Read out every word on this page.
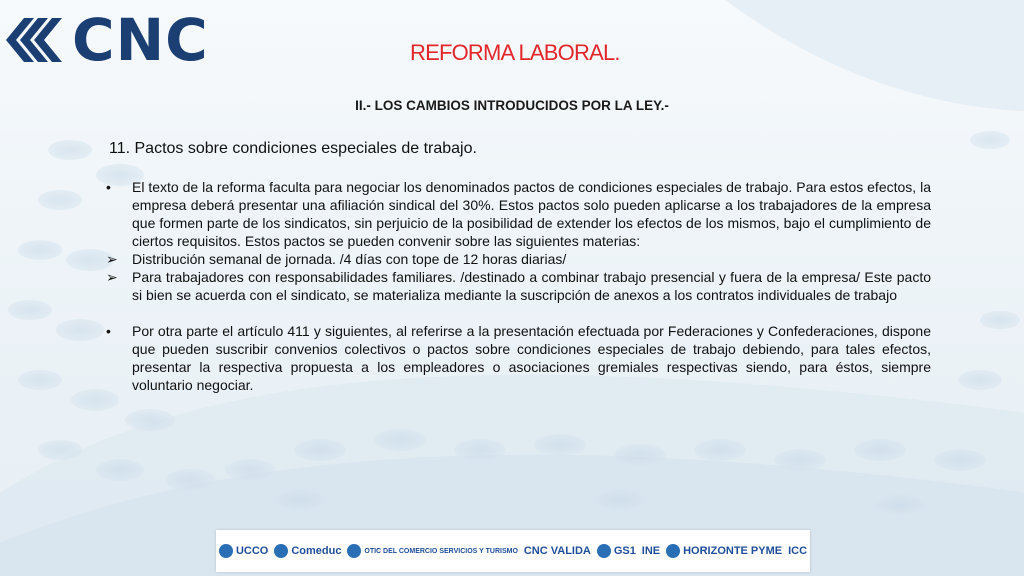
CNC	REFORMA LABORAL.
II.- LOS CAMBIOS INTRODUCIDOS POR LA LEY.-
11. Pactos sobre condiciones especiales de trabajo.
•	El texto de la reforma faculta para negociar los denominados pactos de condiciones especiales de trabajo. Para estos efectos, la empresa deberá presentar una afiliación sindical del 30%. Estos pactos solo pueden aplicarse a los trabajadores de la empresa que formen parte de los sindicatos, sin perjuicio de la posibilidad de extender los efectos de los mismos, bajo el cumplimiento de ciertos requisitos. Estos pactos se pueden convenir sobre las siguientes materias:

➢	Distribución semanal de jornada. /4 días con tope de 12 horas diarias/

➢	Para trabajadores con responsabilidades familiares. /destinado a combinar trabajo presencial y fuera de la empresa/ Este pacto si bien se acuerda con el sindicato, se materializa mediante la suscripción de anexos a los contratos individuales de trabajo

•	Por otra parte el artículo 411 y siguientes, al referirse a la presentación efectuada por Federaciones y Confederaciones, dispone que pueden suscribir convenios colectivos o pactos sobre condiciones especiales de trabajo debiendo, para tales efectos, presentar la respectiva propuesta a los empleadores o asociaciones gremiales respectivas siendo, para éstos, siempre voluntario negociar.

UCCO Comeduc	OTIC DEL COMERCIO SERVICIOS Y TURISMO CNC VALIDA GS1 INE HORIZONTE PYME ICC
